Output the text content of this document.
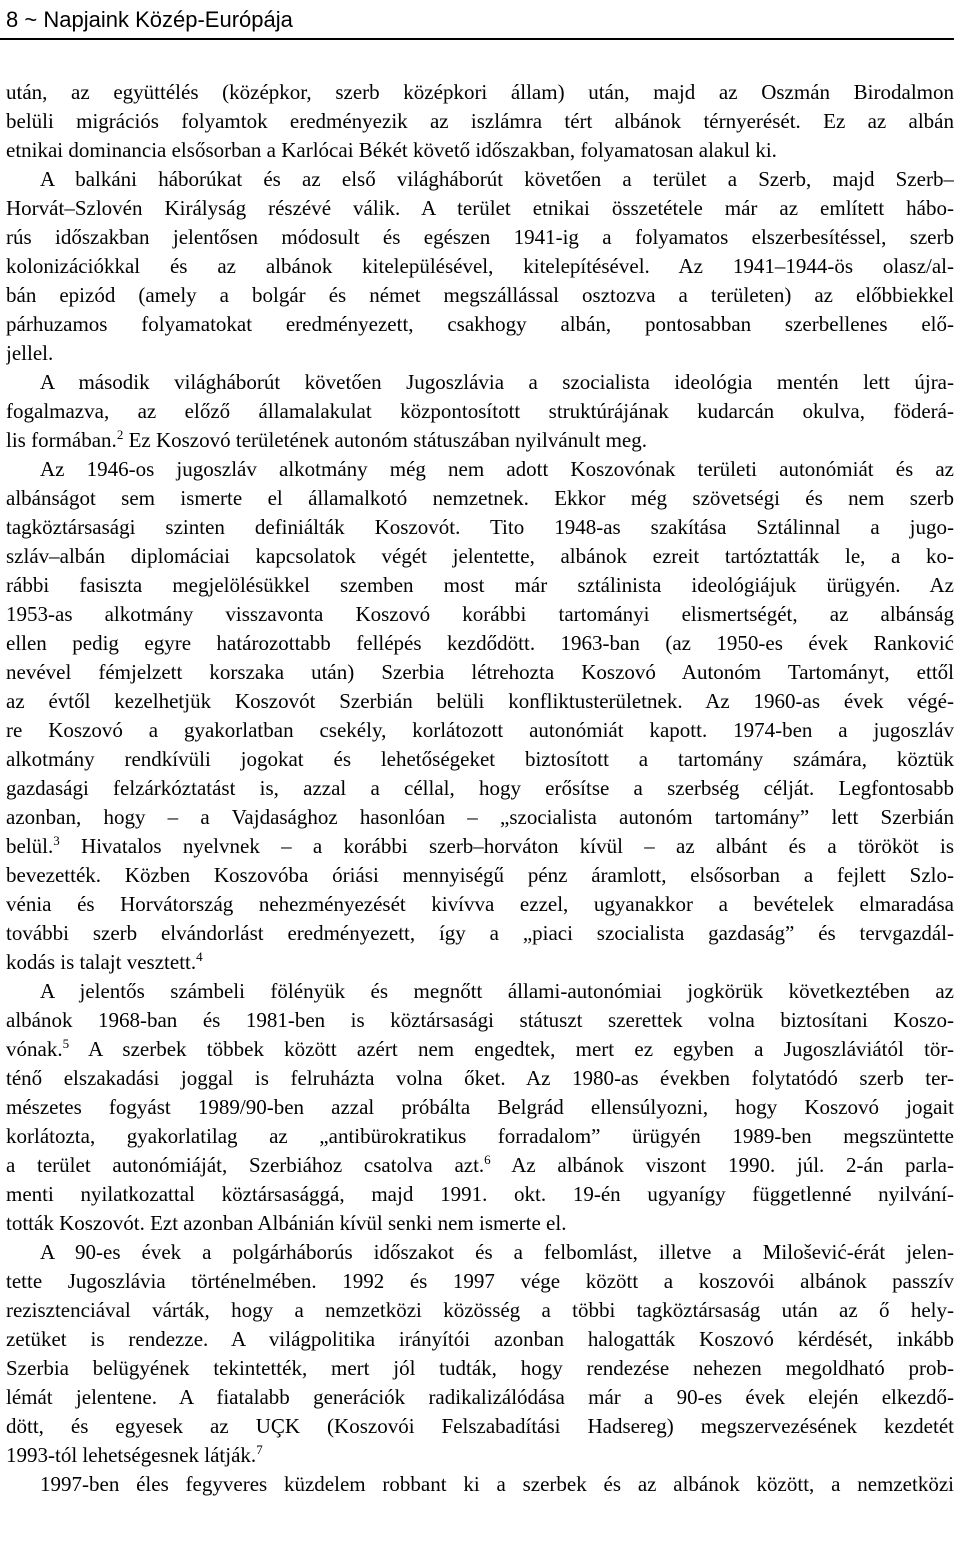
8 ~ Napjaink Közép-Európája
után, az együttélés (középkor, szerb középkori állam) után, majd az Oszmán Birodalmon
belüli migrációs folyamtok eredményezik az iszlámra tért albánok térnyerését. Ez az albán
etnikai dominancia elsősorban a Karlócai Békét követő időszakban, folyamatosan alakul ki.
A balkáni háborúkat és az első világháborút követően a terület a Szerb, majd Szerb–
Horvát–Szlovén Királyság részévé válik. A terület etnikai összetétele már az említett hábo-
rús időszakban jelentősen módosult és egészen 1941-ig a folyamatos elszerbesítéssel, szerb
kolonizációkkal és az albánok kitelepülésével, kitelepítésével. Az 1941–1944-ös olasz/al-
bán epizód (amely a bolgár és német megszállással osztozva a területen) az előbbiekkel
párhuzamos folyamatokat eredményezett, csakhogy albán, pontosabban szerbellenes elő-
jellel.
A második világháborút követően Jugoszlávia a szocialista ideológia mentén lett újra-
fogalmazva, az előző államalakulat központosított struktúrájának kudarcán okulva, föderá-
lis formában.$^2$ Ez Koszovó területének autonóm státuszában nyilvánult meg.
Az 1946-os jugoszláv alkotmány még nem adott Koszovónak területi autonómiát és az
albánságot sem ismerte el államalkotó nemzetnek. Ekkor még szövetségi és nem szerb
tagköztársasági szinten definiálták Koszovót. Tito 1948-as szakítása Sztálinnal a jugo-
szláv–albán diplomáciai kapcsolatok végét jelentette, albánok ezreit tartóztatták le, a ko-
rábbi fasiszta megjelölésükkel szemben most már sztálinista ideológiájuk ürügyén. Az
1953-as alkotmány visszavonta Koszovó korábbi tartományi elismertségét, az albánság
ellen pedig egyre határozottabb fellépés kezdődött. 1963-ban (az 1950-es évek Ranković
nevével fémjelzett korszaka után) Szerbia létrehozta Koszovó Autonóm Tartományt, ettől
az évtől kezelhetjük Koszovót Szerbián belüli konfliktusterületnek. Az 1960-as évek végé-
re Koszovó a gyakorlatban csekély, korlátozott autonómiát kapott. 1974-ben a jugoszláv
alkotmány rendkívüli jogokat és lehetőségeket biztosított a tartomány számára, köztük
gazdasági felzárkóztatást is, azzal a céllal, hogy erősítse a szerbség célját. Legfontosabb
azonban, hogy – a Vajdasághoz hasonlóan – „szocialista autonóm tartomány” lett Szerbián
belül.$^3$ Hivatalos nyelvnek – a korábbi szerb–horváton kívül – az albánt és a törököt is
bevezették. Közben Koszovóba óriási mennyiségű pénz áramlott, elsősorban a fejlett Szlo-
vénia és Horvátország nehezményezését kivívva ezzel, ugyanakkor a bevételek elmaradása
további szerb elvándorlást eredményezett, így a „piaci szocialista gazdaság” és tervgazdál-
kodás is talajt vesztett.$^4$
A jelentős számbeli fölényük és megnőtt állami-autonómiai jogkörük következtében az
albánok 1968-ban és 1981-ben is köztársasági státuszt szerettek volna biztosítani Koszo-
vónak.$^5$ A szerbek többek között azért nem engedtek, mert ez egyben a Jugoszláviától tör-
ténő elszakadási joggal is felruházta volna őket. Az 1980-as években folytatódó szerb ter-
mészetes fogyást 1989/90-ben azzal próbálta Belgrád ellensúlyozni, hogy Koszovó jogait
korlátozta, gyakorlatilag az „antibürokratikus forradalom” ürügyén 1989-ben megszüntette
a terület autonómiáját, Szerbiához csatolva azt.$^6$ Az albánok viszont 1990. júl. 2-án parla-
menti nyilatkozattal köztársasággá, majd 1991. okt. 19-én ugyanígy függetlenné nyilvání-
tották Koszovót. Ezt azonban Albánián kívül senki nem ismerte el.
A 90-es évek a polgárháborús időszakot és a felbomlást, illetve a Milošević-érát jelen-
tette Jugoszlávia történelmében. 1992 és 1997 vége között a koszovói albánok passzív
rezisztenciával várták, hogy a nemzetközi közösség a többi tagköztársaság után az ő hely-
zetüket is rendezze. A világpolitika irányítói azonban halogatták Koszovó kérdését, inkább
Szerbia belügyének tekintették, mert jól tudták, hogy rendezése nehezen megoldható prob-
lémát jelentene. A fiatalabb generációk radikalizálódása már a 90-es évek elején elkezdő-
dött, és egyesek az UÇK (Koszovói Felszabadítási Hadsereg) megszervezésének kezdetét
1993-tól lehetségesnek látják.$^7$
1997-ben éles fegyveres küzdelem robbant ki a szerbek és az albánok között, a nemzetközi
